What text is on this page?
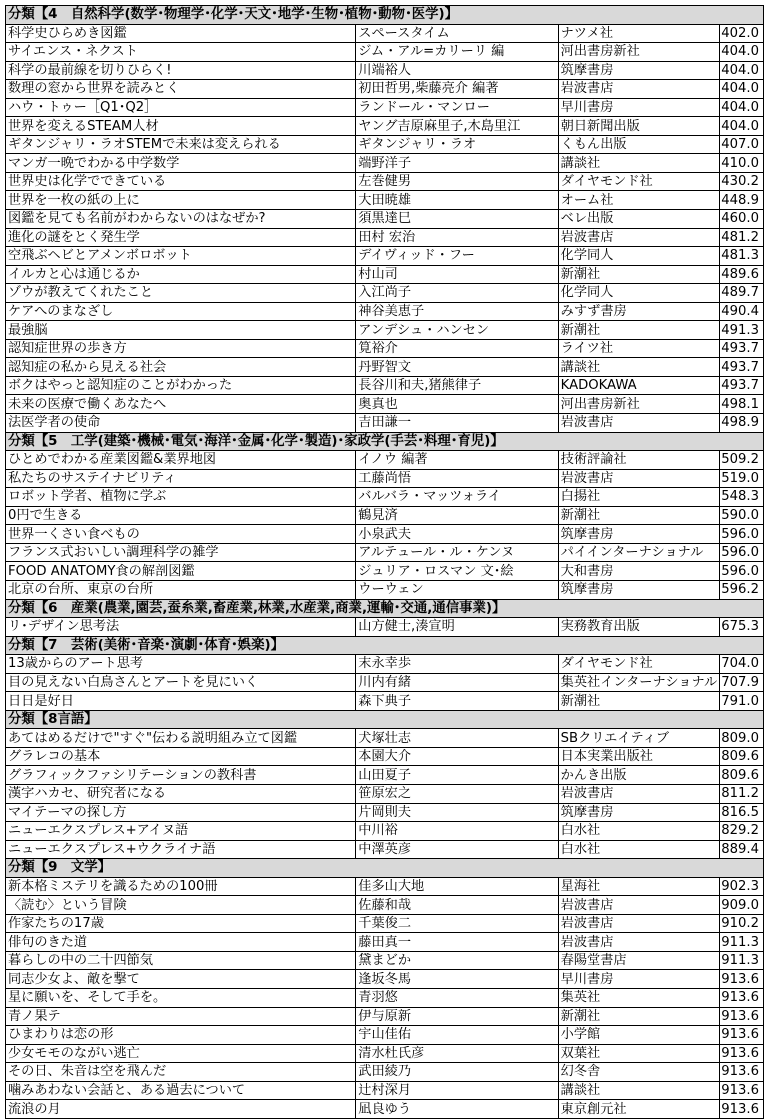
分類【4　自然科学(数学･物理学･化学･天文･地学･生物･植物･動物･医学)】			
科学史ひらめき図鑑	スペースタイム	ナツメ社	402.0
サイエンス・ネクスト	ジム・アル=カリーリ 編	河出書房新社	404.0
科学の最前線を切りひらく!	川端裕人	筑摩書房	404.0
数理の窓から世界を読みとく	初田哲男,柴藤亮介 編著	岩波書店	404.0
ハウ・トゥー［Q1･Q2］	ランドール・マンロー	早川書房	404.0
世界を変えるSTEAM人材	ヤング吉原麻里子,木島里江	朝日新聞出版	404.0
ギタンジャリ・ラオSTEMで未来は変えられる	ギタンジャリ・ラオ	くもん出版	407.0
マンガ一晩でわかる中学数学	端野洋子	講談社	410.0
世界史は化学でできている	左巻健男	ダイヤモンド社	430.2
世界を一枚の紙の上に	大田暁雄	オーム社	448.9
図鑑を見ても名前がわからないのはなぜか?	須黒達巳	ベレ出版	460.0
進化の謎をとく発生学	田村 宏治	岩波書店	481.2
空飛ぶヘビとアメンボロボット	デイヴィッド・フー	化学同人	481.3
イルカと心は通じるか	村山司	新潮社	489.6
ゾウが教えてくれたこと	入江尚子	化学同人	489.7
ケアへのまなざし	神谷美恵子	みすず書房	490.4
最強脳	アンデシュ・ハンセン	新潮社	491.3
認知症世界の歩き方	筧裕介	ライツ社	493.7
認知症の私から見える社会	丹野智文	講談社	493.7
ボクはやっと認知症のことがわかった	長谷川和夫,猪熊律子	KADOKAWA	493.7
未来の医療で働くあなたへ	奥真也	河出書房新社	498.1
法医学者の使命	吉田謙一	岩波書店	498.9
分類【5　工学(建築･機械･電気･海洋･金属･化学･製造)･家政学(手芸･料理･育児)】			
ひとめでわかる産業図鑑&業界地図	イノウ 編著	技術評論社	509.2
私たちのサステイナビリティ	工藤尚悟	岩波書店	519.0
ロボット学者、植物に学ぶ	バルバラ・マッツォライ	白揚社	548.3
0円で生きる	鶴見済	新潮社	590.0
世界一くさい食べもの	小泉武夫	筑摩書房	596.0
フランス式おいしい調理科学の雑学	アルテュール・ル・ケンヌ	パイインターナショナル	596.0
FOOD ANATOMY食の解剖図鑑	ジュリア・ロスマン 文･絵	大和書房	596.0
北京の台所、東京の台所	ウーウェン	筑摩書房	596.2
分類【6　産業(農業,園芸,蚕糸業,畜産業,林業,水産業,商業,運輸･交通,通信事業)】			
リ･デザイン思考法	山方健士,湊宣明	実務教育出版	675.3
分類【7　芸術(美術･音楽･演劇･体育･娯楽)】			
13歳からのアート思考	末永幸歩	ダイヤモンド社	704.0
目の見えない白鳥さんとアートを見にいく	川内有緒	集英社インターナショナル	707.9
日日是好日	森下典子	新潮社	791.0
分類【8言語】			
あてはめるだけで"すぐ"伝わる説明組み立て図鑑	犬塚壮志	SBクリエイティブ	809.0
グラレコの基本	本園大介	日本実業出版社	809.6
グラフィックファシリテーションの教科書	山田夏子	かんき出版	809.6
漢字ハカセ、研究者になる	笹原宏之	岩波書店	811.2
マイテーマの探し方	片岡則夫	筑摩書房	816.5
ニューエクスプレス+アイヌ語	中川裕	白水社	829.2
ニューエクスプレス+ウクライナ語	中澤英彦	白水社	889.4
分類【9　文学】			
新本格ミステリを識るための100冊	佳多山大地	星海社	902.3
〈読む〉という冒険	佐藤和哉	岩波書店	909.0
作家たちの17歳	千葉俊二	岩波書店	910.2
俳句のきた道	藤田真一	岩波書店	911.3
暮らしの中の二十四節気	黛まどか	春陽堂書店	911.3
同志少女よ、敵を撃て	逢坂冬馬	早川書房	913.6
星に願いを、そして手を。	青羽悠	集英社	913.6
青ノ果テ	伊与原新	新潮社	913.6
ひまわりは恋の形	宇山佳佑	小学館	913.6
少女モモのながい逃亡	清水杜氏彦	双葉社	913.6
その日、朱音は空を飛んだ	武田綾乃	幻冬舎	913.6
噛みあわない会話と、ある過去について	辻村深月	講談社	913.6
流浪の月	凪良ゆう	東京創元社	913.6
